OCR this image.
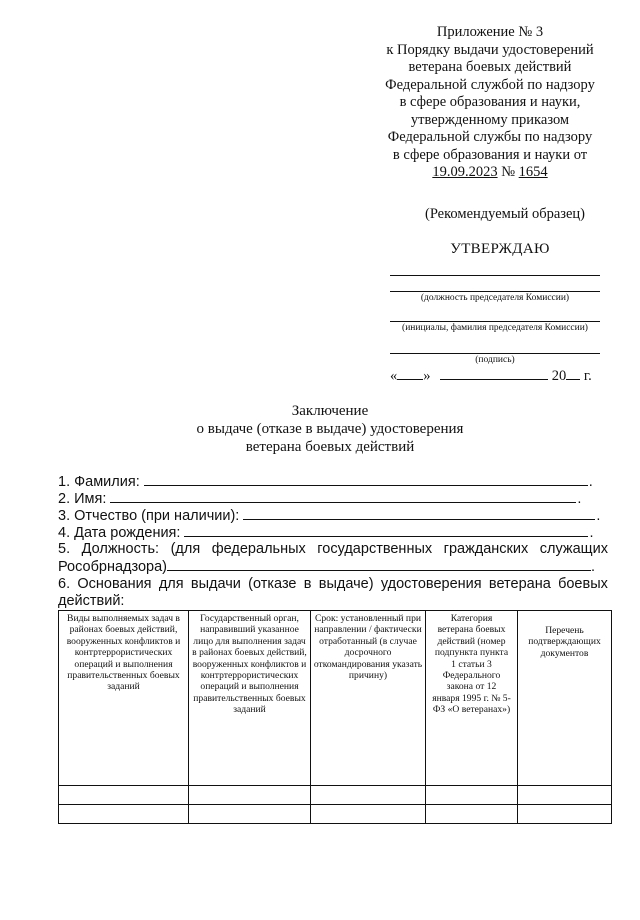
Приложение № 3
к Порядку выдачи удостоверений
ветерана боевых действий
Федеральной службой по надзору
в сфере образования и науки,
утвержденному приказом
Федеральной службы по надзору
в сфере образования и науки от
19.09.2023 № 1654
(Рекомендуемый образец)
УТВЕРЖДАЮ
(должность председателя Комиссии)
(инициалы, фамилия председателя Комиссии)
(подпись)
« »	20 г.
Заключение
о выдаче (отказе в выдаче) удостоверения
ветерана боевых действий
1. Фамилия:	.
2. Имя:	.
3. Отчество (при наличии):	.
4. Дата рождения:	.
5. Должность: (для федеральных государственных гражданских служащих
Рособрнадзора)	.
6. Основания для выдачи (отказе в выдаче) удостоверения ветерана боевых
действий:
Виды выполняемых задач в районах боевых действий, вооруженных конфликтов и контртеррористических операций и выполнения правительственных боевых заданий	Государственный орган, направивший указанное лицо для выполнения задач в районах боевых действий, вооруженных конфликтов и контртеррористических операций и выполнения правительственных боевых заданий	Срок: установленный при направлении / фактически отработанный (в случае досрочного откомандирования указать причину)	Категория ветерана боевых действий (номер подпункта пункта 1 статьи 3 Федерального закона от 12 января 1995 г. № 5-ФЗ «О ветеранах»)	Перечень подтверждающих документов
